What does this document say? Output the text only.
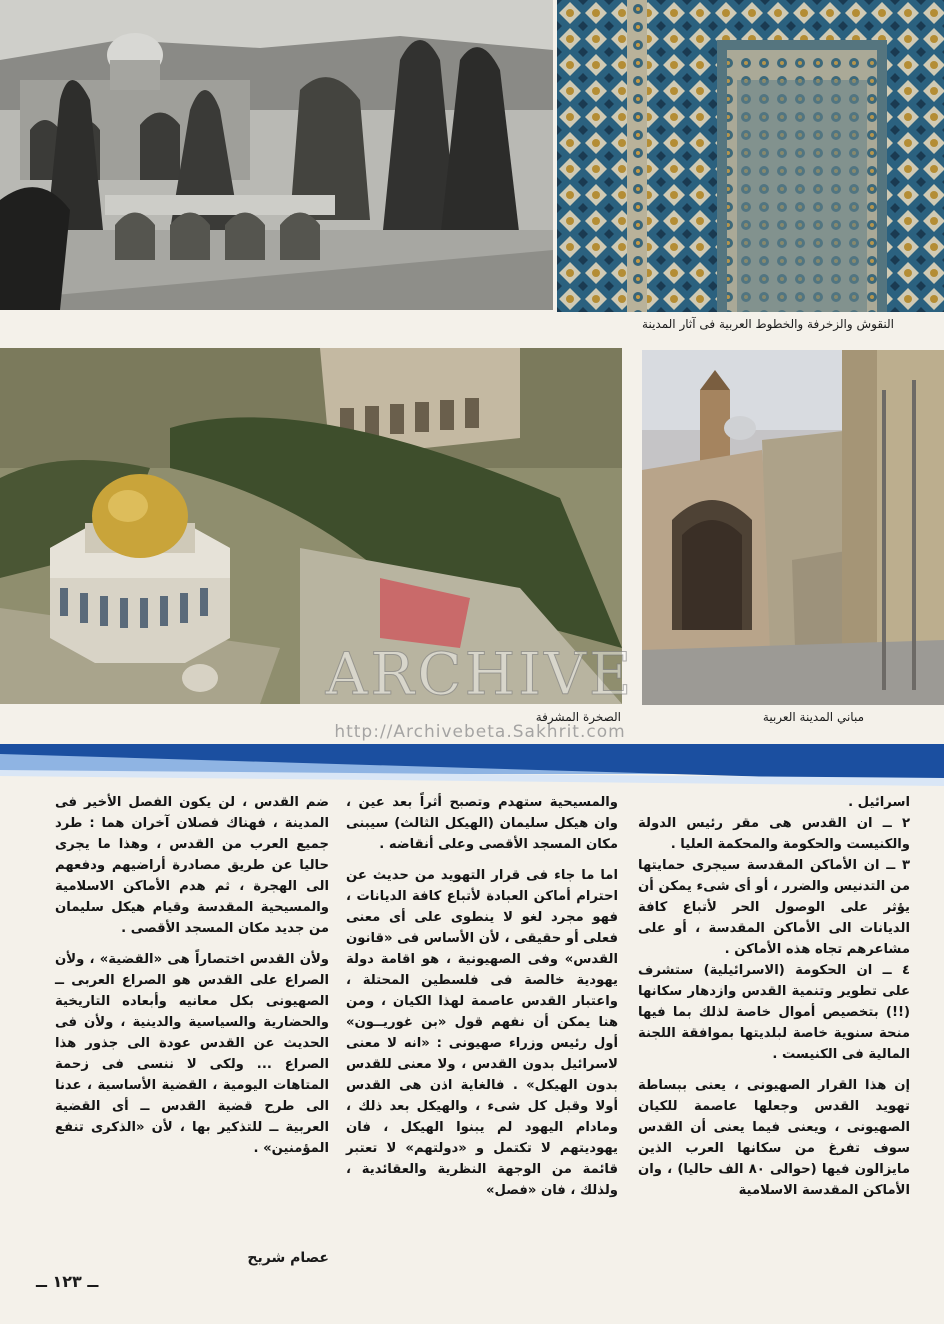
النقوش والزخرفة والخطوط العربية فى آثار المدينة
الصخرة المشرفة	مباني المدينة العربية
ARCHIVE
http://Archivebeta.Sakhrit.com

اسرائيل .

٢ ــ ان القدس هى مقر رئيس الدولة والكنيست والحكومة والمحكمة العليا .

٣ ــ ان الأماكن المقدسة سيجرى حمايتها من التدنيس والضرر ، أو أى شىء يمكن أن يؤثر على الوصول الحر لأتباع كافة الديانات الى الأماكن المقدسة ، أو على مشاعرهم تجاه هذه الأماكن .

٤ ــ ان الحكومة (الاسرائيلية) ستشرف على تطوير وتنمية القدس وازدهار سكانها (!!) بتخصيص أموال خاصة لذلك بما فيها منحة سنوية خاصة لبلديتها بموافقة اللجنة المالية فى الكنيست .

إن هذا القرار الصهيونى ، يعنى ببساطة تهويد القدس وجعلها عاصمة للكيان الصهيونى ، ويعنى فيما يعنى أن القدس سوف تفرغ من سكانها العرب الذين مايزالون فيها (حوالى ٨٠ الف حاليا) ، وان الأماكن المقدسة الاسلامية

والمسيحية ستهدم وتصبح أثراً بعد عين ، وان هيكل سليمان (الهيكل الثالث) سيبنى مكان المسجد الأقصى وعلى أنقاضه .

اما ما جاء فى قرار التهويد من حديث عن احترام أماكن العبادة لأتباع كافة الديانات ، فهو مجرد لغو لا ينطوى على أى معنى فعلى أو حقيقى ، لأن الأساس فى «قانون القدس» وفى الصهيونية ، هو اقامة دولة يهودية خالصة فى فلسطين المحتلة ، واعتبار القدس عاصمة لهذا الكيان ، ومن هنا يمكن أن نفهم قول «بن غوريــون» أول رئيس وزراء صهيونى : «انه لا معنى لاسرائيل بدون القدس ، ولا معنى للقدس بدون الهيكل» . فالغاية اذن هى القدس أولا وقبل كل شىء ، والهيكل بعد ذلك ، ومادام اليهود لم يبنوا الهيكل ، فان يهوديتهم لا تكتمل و «دولتهم» لا تعتبر قائمة من الوجهة النظرية والعقائدية ، ولذلك ، فان «فصل»

ضم القدس ، لن يكون الفصل الأخير فى المدينة ، فهناك فصلان آخران هما : طرد جميع العرب من القدس ، وهذا ما يجرى حاليا عن طريق مصادرة أراضيهم ودفعهم الى الهجرة ، ثم هدم الأماكن الاسلامية والمسيحية المقدسة وقيام هيكل سليمان من جديد مكان المسجد الأقصى .

ولأن القدس اختصاراً هى «القضية» ، ولأن الصراع على القدس هو الصراع العربى ــ الصهيونى بكل معانيه وأبعاده التاريخية والحضارية والسياسية والدينية ، ولأن فى الحديث عن القدس عودة الى جذور هذا الصراع ... ولكى لا ننسى فى زحمة المتاهات اليومية ، القضية الأساسية ، عدنا الى طرح قضية القدس ــ أى القضية العربية ــ للتذكير بها ، لأن «الذكرى تنفع المؤمنين» .

عصام شريح
ــ ١٢٣ ــ
